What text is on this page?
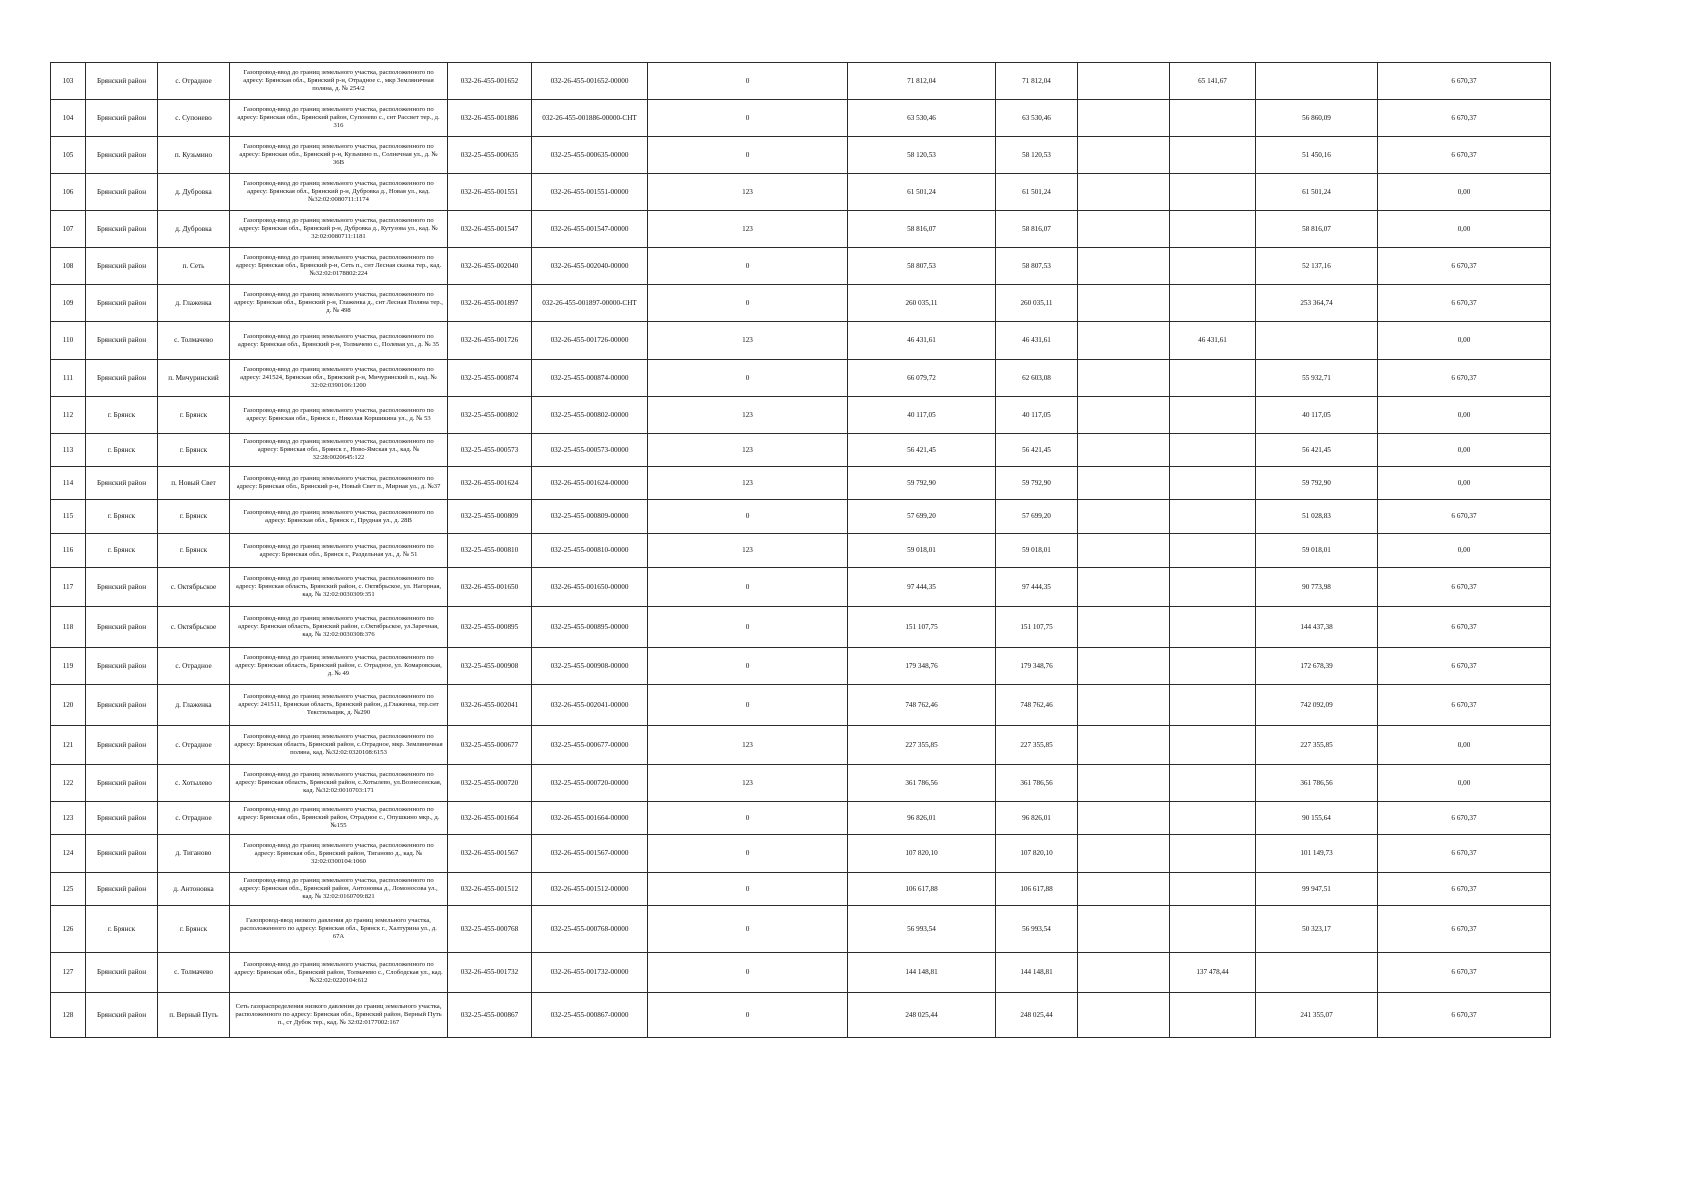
103	Брянский район	с. Отрадное	Газопровод-ввод до границ земельного участка, расположенного по адресу: Брянская обл., Брянский р-н, Отрадное с., мкр Земляничная поляна, д. № 254/2	032-26-455-001652	032-26-455-001652-00000	0	71 812,04	71 812,04		65 141,67		6 670,37
104	Брянский район	с. Супонево	Газопровод-ввод до границ земельного участка, расположенного по адресу: Брянская обл., Брянский район, Супонево с., снт Рассвет тер., д. 316	032-26-455-001886	032-26-455-001886-00000-СНТ	0	63 530,46	63 530,46			56 860,09	6 670,37
105	Брянский район	п. Кузьмино	Газопровод-ввод до границ земельного участка, расположенного по адресу: Брянская обл., Брянский р-н, Кузьмино п., Солнечная ул., д. № 36В	032-25-455-000635	032-25-455-000635-00000	0	58 120,53	58 120,53			51 450,16	6 670,37
106	Брянский район	д. Дубровка	Газопровод-ввод до границ земельного участка, расположенного по адресу: Брянская обл., Брянский р-н, Дубровка д., Новая ул., кад. №32:02:0080711:1174	032-26-455-001551	032-26-455-001551-00000	123	61 501,24	61 501,24			61 501,24	0,00
107	Брянский район	д. Дубровка	Газопровод-ввод до границ земельного участка, расположенного по адресу: Брянская обл., Брянский р-н, Дубровка д., Кутузова ул., кад. № 32:02:0080711:1181	032-26-455-001547	032-26-455-001547-00000	123	58 816,07	58 816,07			58 816,07	0,00
108	Брянский район	п. Сеть	Газопровод-ввод до границ земельного участка, расположенного по адресу: Брянская обл., Брянский р-н, Сеть п., снт Лесная сказка тер., кад. №32:02:0178802:224	032-26-455-002040	032-26-455-002040-00000	0	58 807,53	58 807,53			52 137,16	6 670,37
109	Брянский район	д. Глаженка	Газопровод-ввод до границ земельного участка, расположенного по адресу: Брянская обл., Брянский р-н, Глаженка д., снт Лесная Поляна тер., д. № 498	032-26-455-001897	032-26-455-001897-00000-СНТ	0	260 035,11	260 035,11			253 364,74	6 670,37
110	Брянский район	с. Толмачево	Газопровод-ввод до границ земельного участка, расположенного по адресу: Брянская обл., Брянский р-н, Толмачево с., Полевая ул., д. № 35	032-26-455-001726	032-26-455-001726-00000	123	46 431,61	46 431,61		46 431,61		0,00
111	Брянский район	п. Мичуринский	Газопровод-ввод до границ земельного участка, расположенного по адресу: 241524, Брянская обл., Брянский р-н, Мичуринский п., кад. № 32:02:0390106:1200	032-25-455-000874	032-25-455-000874-00000	0	66 079,72	62 603,08			55 932,71	6 670,37
112	г. Брянск	г. Брянск	Газопровод-ввод до границ земельного участка, расположенного по адресу: Брянская обл., Брянск г., Николая Коршикина ул., д. № 53	032-25-455-000802	032-25-455-000802-00000	123	40 117,05	40 117,05			40 117,05	0,00
113	г. Брянск	г. Брянск	Газопровод-ввод до границ земельного участка, расположенного по адресу: Брянская обл., Брянск г., Ново-Ямская ул., кад. № 32:28:0020645:122	032-25-455-000573	032-25-455-000573-00000	123	56 421,45	56 421,45			56 421,45	0,00
114	Брянский район	п. Новый Свет	Газопровод-ввод до границ земельного участка, расположенного по адресу: Брянская обл., Брянский р-н, Новый Свет п., Мирная ул., д. №37	032-26-455-001624	032-26-455-001624-00000	123	59 792,90	59 792,90			59 792,90	0,00
115	г. Брянск	г. Брянск	Газопровод-ввод до границ земельного участка, расположенного по адресу: Брянская обл., Брянск г., Прудная ул., д. 28В	032-25-455-000809	032-25-455-000809-00000	0	57 699,20	57 699,20			51 028,83	6 670,37
116	г. Брянск	г. Брянск	Газопровод-ввод до границ земельного участка, расположенного по адресу: Брянская обл., Брянск г., Раздельная ул., д. № 51	032-25-455-000810	032-25-455-000810-00000	123	59 018,01	59 018,01			59 018,01	0,00
117	Брянский район	с. Октябрьское	Газопровод-ввод до границ земельного участка, расположенного по адресу: Брянская область, Брянский район, с. Октябрьское, ул. Нагорная, кад. № 32:02:0030309:351	032-26-455-001650	032-26-455-001650-00000	0	97 444,35	97 444,35			90 773,98	6 670,37
118	Брянский район	с. Октябрьское	Газопровод-ввод до границ земельного участка, расположенного по адресу: Брянская область, Брянский район, с.Октябрьское, ул.Заречная, кад. № 32:02:0030308:376	032-25-455-000895	032-25-455-000895-00000	0	151 107,75	151 107,75			144 437,38	6 670,37
119	Брянский район	с. Отрадное	Газопровод-ввод до границ земельного участка, расположенного по адресу: Брянская область, Брянский район, с. Отрадное, ул. Комаровская, д. № 49	032-25-455-000908	032-25-455-000908-00000	0	179 348,76	179 348,76			172 678,39	6 670,37
120	Брянский район	д. Глаженка	Газопровод-ввод до границ земельного участка, расположенного по адресу: 241511, Брянская область, Брянский район, д.Глаженка, тер.снт Текстильщик, д. №290	032-26-455-002041	032-26-455-002041-00000	0	748 762,46	748 762,46			742 092,09	6 670,37
121	Брянский район	с. Отрадное	Газопровод-ввод до границ земельного участка, расположенного по адресу: Брянская область, Брянский район, с.Отрадное, мкр. Земляничная поляна, кад. №32:02:0320108:6153	032-25-455-000677	032-25-455-000677-00000	123	227 355,85	227 355,85			227 355,85	0,00
122	Брянский район	с. Хотылево	Газопровод-ввод до границ земельного участка, расположенного по адресу: Брянская область, Брянский район, с.Хотылево, ул.Вознесенская, кад. №32:02:0010703:171	032-25-455-000720	032-25-455-000720-00000	123	361 786,56	361 786,56			361 786,56	0,00
123	Брянский район	с. Отрадное	Газопровод-ввод до границ земельного участка, расположенного по адресу: Брянская обл., Брянский район, Отрадное с., Опушкино мкр., д. №155	032-26-455-001664	032-26-455-001664-00000	0	96 826,01	96 826,01			90 155,64	6 670,37
124	Брянский район	д. Тиганово	Газопровод-ввод до границ земельного участка, расположенного по адресу: Брянская обл., Брянский район, Тиганово д., кад. № 32:02:0300104:1060	032-26-455-001567	032-26-455-001567-00000	0	107 820,10	107 820,10			101 149,73	6 670,37
125	Брянский район	д. Антоновка	Газопровод-ввод до границ земельного участка, расположенного по адресу: Брянская обл., Брянский район, Антоновка д., Ломоносова ул., кад. № 32:02:0160709:821	032-26-455-001512	032-26-455-001512-00000	0	106 617,88	106 617,88			99 947,51	6 670,37
126	г. Брянск	г. Брянск	Газопровод-ввод низкого давления до границ земельного участка, расположенного по адресу: Брянская обл., Брянск г., Халтурина ул., д. 67А	032-25-455-000768	032-25-455-000768-00000	0	56 993,54	56 993,54			50 323,17	6 670,37
127	Брянский район	с. Толмачево	Газопровод-ввод до границ земельного участка, расположенного по адресу: Брянская обл., Брянский район, Толмачево с., Слободская ул., кад. №32:02:0220104:612	032-26-455-001732	032-26-455-001732-00000	0	144 148,81	144 148,81		137 478,44		6 670,37
128	Брянский район	п. Верный Путь	Сеть газораспределения низкого давления до границ земельного участка, расположенного по адресу: Брянская обл., Брянский район, Верный Путь п., ст Дубок тер., кад. № 32:02:0177002:167	032-25-455-000867	032-25-455-000867-00000	0	248 025,44	248 025,44			241 355,07	6 670,37
